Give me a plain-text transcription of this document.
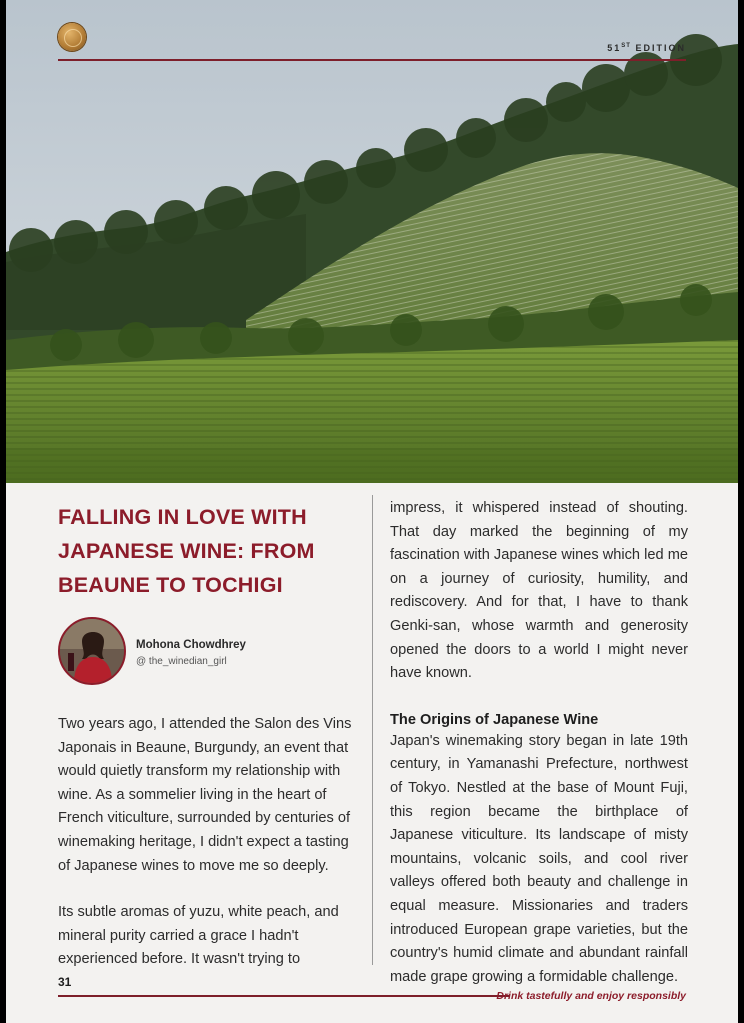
51ST EDITION
FALLING IN LOVE WITH
JAPANESE WINE: FROM
BEAUNE TO TOCHIGI
Mohona Chowdhrey
@ the_winedian_girl

Two years ago, I attended the Salon des Vins Japonais in Beaune, Burgundy, an event that would quietly transform my relationship with wine. As a sommelier living in the heart of French viticulture, surrounded by centuries of winemaking heritage, I didn't expect a tasting of Japanese wines to move me so deeply.

Its subtle aromas of yuzu, white peach, and mineral purity carried a grace I hadn't experienced before. It wasn't trying to

impress, it whispered instead of shouting. That day marked the beginning of my fascination with Japanese wines which led me on a journey of curiosity, humility, and rediscovery. And for that, I have to thank Genki-san, whose warmth and generosity opened the doors to a world I might never have known.

The Origins of Japanese Wine

Japan's winemaking story began in late 19th century, in Yamanashi Prefecture, northwest of Tokyo. Nestled at the base of Mount Fuji, this region became the birthplace of Japanese viticulture. Its landscape of misty mountains, volcanic soils, and cool river valleys offered both beauty and challenge in equal measure. Missionaries and traders introduced European grape varieties, but the country's humid climate and abundant rainfall made grape growing a formidable challenge.

31
Drink tastefully and enjoy responsibly
